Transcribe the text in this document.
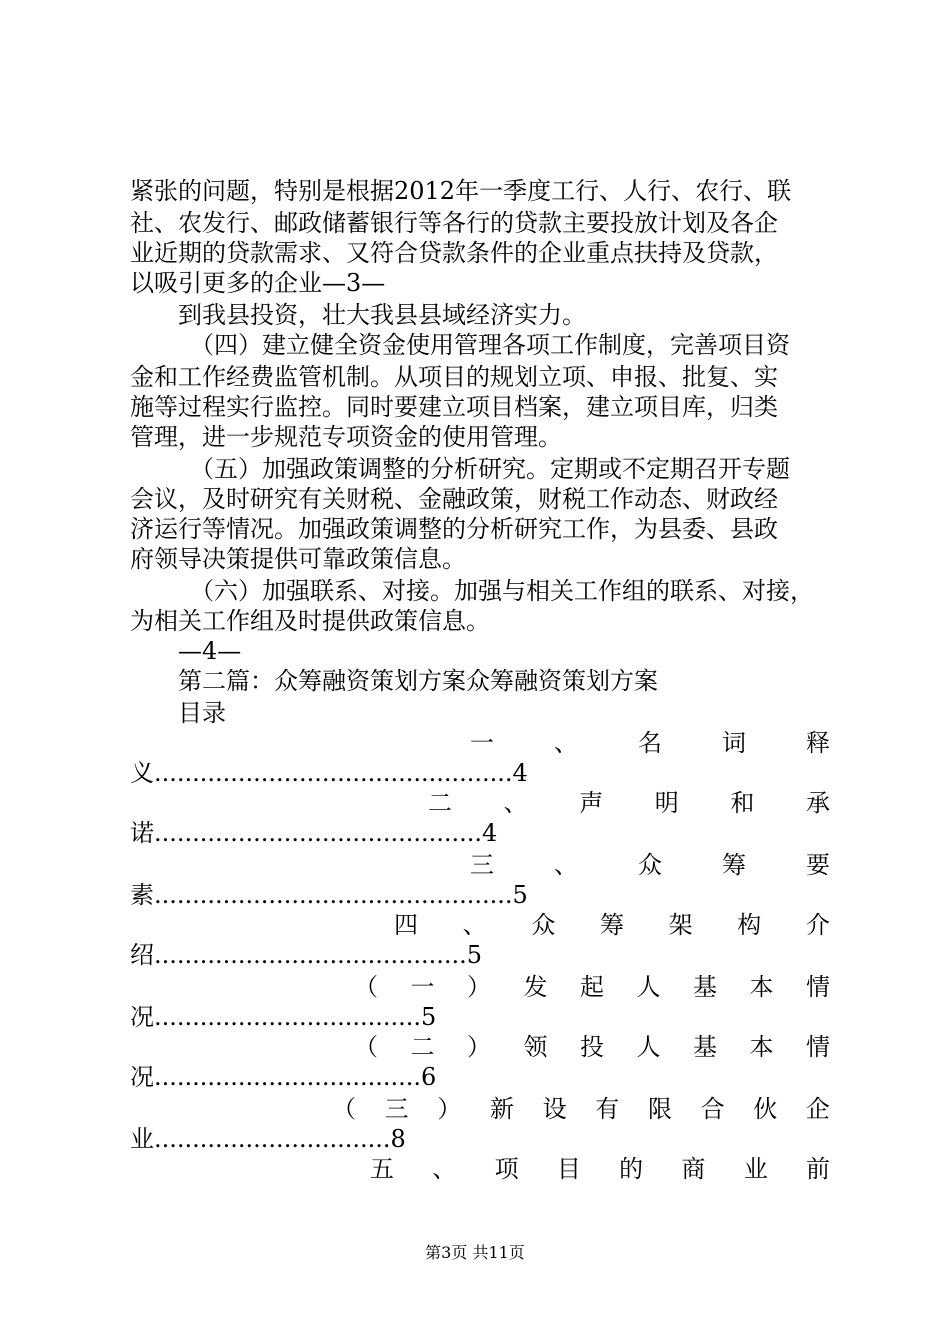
紧张的问题，特别是根据2012年一季度工行、人行、农行、联
社、农发行、邮政储蓄银行等各行的贷款主要投放计划及各企
业近期的贷款需求、又符合贷款条件的企业重点扶持及贷款，
以吸引更多的企业—3—
到我县投资，壮大我县县域经济实力。
（四）建立健全资金使用管理各项工作制度，完善项目资
金和工作经费监管机制。从项目的规划立项、申报、批复、实
施等过程实行监控。同时要建立项目档案，建立项目库，归类
管理，进一步规范专项资金的使用管理。
（五）加强政策调整的分析研究。定期或不定期召开专题
会议，及时研究有关财税、金融政策，财税工作动态、财政经
济运行等情况。加强政策调整的分析研究工作，为县委、县政
府领导决策提供可靠政策信息。
（六）加强联系、对接。加强与相关工作组的联系、对接，
为相关工作组及时提供政策信息。
—4—
第二篇：众筹融资策划方案众筹融资策划方案
目录
一	、	名	词	释
义...............................................4
二 、 声 明 和 承
诺...........................................4
三	、	众	筹	要
素...............................................5
四 、 众 筹 架 构 介
绍.........................................5
（ 一 ） 发 起 人 基 本 情
况...................................5
（ 二 ） 领 投 人 基 本 情
况...................................6
（ 三 ） 新 设 有 限 合 伙 企
业...............................8
五 、 项 目 的 商 业 前
第3页 共11页
